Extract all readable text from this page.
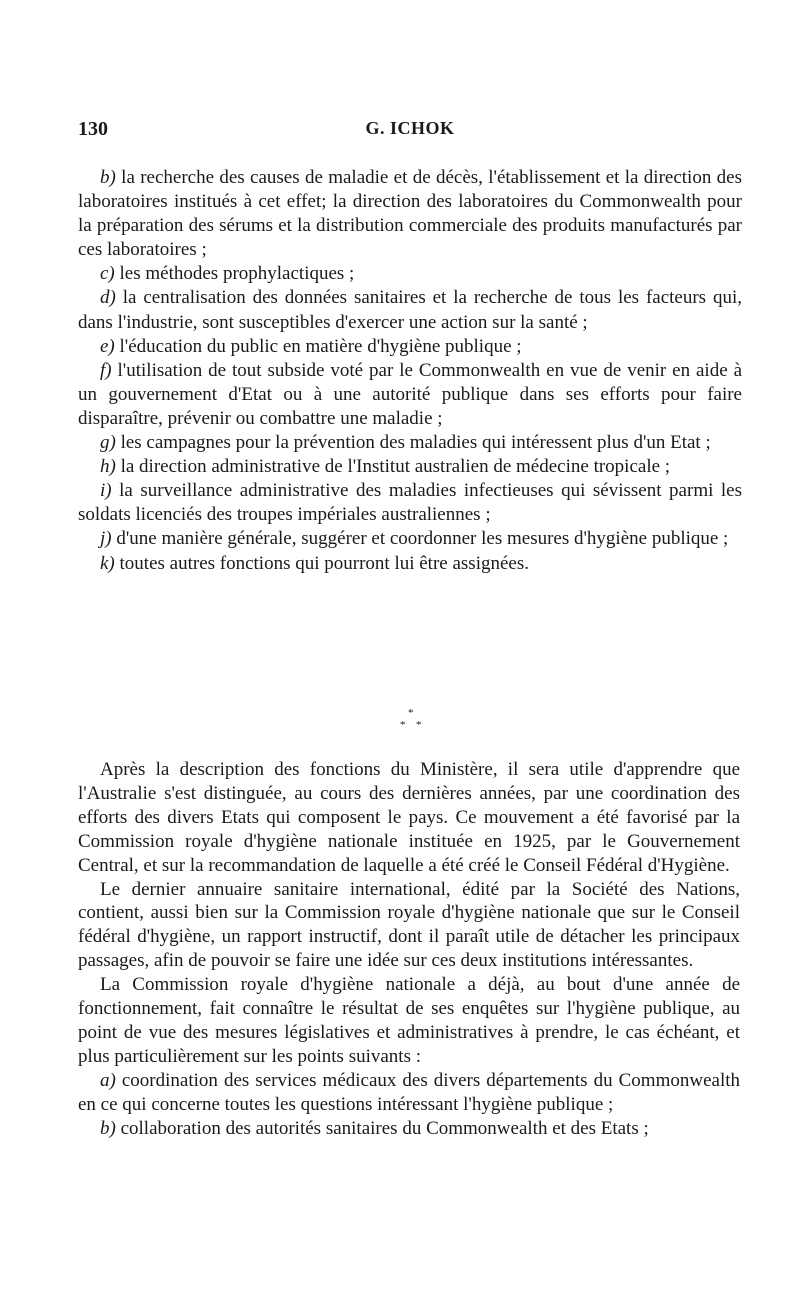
130	G. ICHOK

b) la recherche des causes de maladie et de décès, l'établissement et la direction des laboratoires institués à cet effet; la direction des laboratoires du Commonwealth pour la préparation des sérums et la distribution commerciale des produits manufacturés par ces laboratoires ;

c) les méthodes prophylactiques ;

d) la centralisation des données sanitaires et la recherche de tous les facteurs qui, dans l'industrie, sont susceptibles d'exercer une action sur la santé ;

e) l'éducation du public en matière d'hygiène publique ;

f) l'utilisation de tout subside voté par le Commonwealth en vue de venir en aide à un gouvernement d'Etat ou à une autorité publique dans ses efforts pour faire disparaître, prévenir ou combattre une maladie ;

g) les campagnes pour la prévention des maladies qui intéressent plus d'un Etat ;

h) la direction administrative de l'Institut australien de médecine tropicale ;

i) la surveillance administrative des maladies infectieuses qui sévissent parmi les soldats licenciés des troupes impériales australiennes ;

j) d'une manière générale, suggérer et coordonner les mesures d'hygiène publique ;

k) toutes autres fonctions qui pourront lui être assignées.

*
* *

Après la description des fonctions du Ministère, il sera utile d'apprendre que l'Australie s'est distinguée, au cours des dernières années, par une coordination des efforts des divers Etats qui composent le pays. Ce mouvement a été favorisé par la Commission royale d'hygiène nationale instituée en 1925, par le Gouvernement Central, et sur la recommandation de laquelle a été créé le Conseil Fédéral d'Hygiène.

Le dernier annuaire sanitaire international, édité par la Société des Nations, contient, aussi bien sur la Commission royale d'hygiène nationale que sur le Conseil fédéral d'hygiène, un rapport instructif, dont il paraît utile de détacher les principaux passages, afin de pouvoir se faire une idée sur ces deux institutions intéressantes.

La Commission royale d'hygiène nationale a déjà, au bout d'une année de fonctionnement, fait connaître le résultat de ses enquêtes sur l'hygiène publique, au point de vue des mesures législatives et administratives à prendre, le cas échéant, et plus particulièrement sur les points suivants :

a) coordination des services médicaux des divers départements du Commonwealth en ce qui concerne toutes les questions intéressant l'hygiène publique ;

b) collaboration des autorités sanitaires du Commonwealth et des Etats ;
